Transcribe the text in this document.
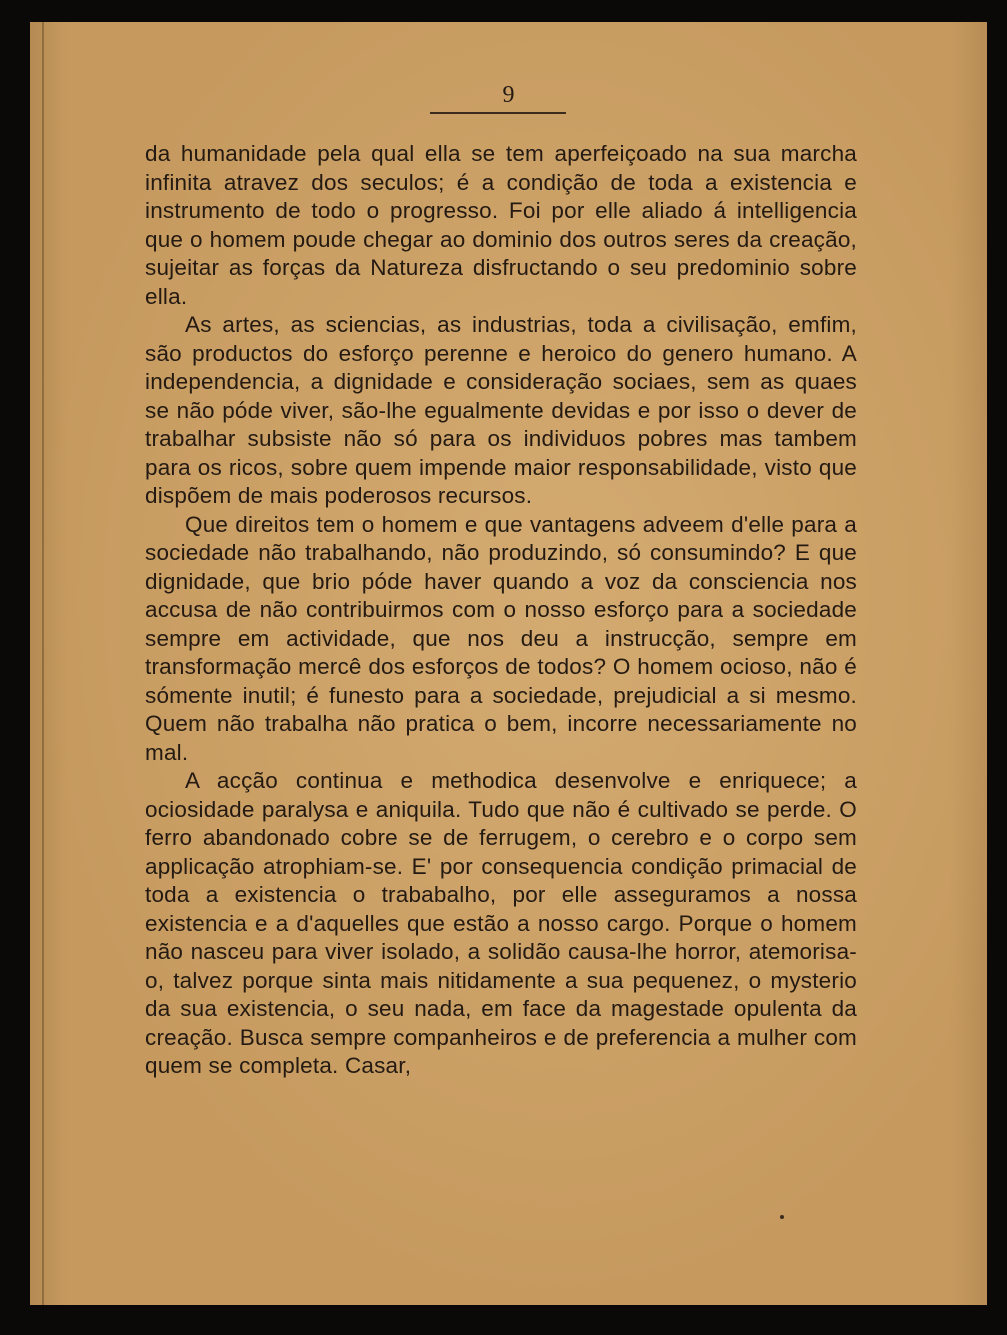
9

da humanidade pela qual ella se tem aperfeiçoado na sua marcha infinita atravez dos seculos; é a condição de toda a existencia e instrumento de todo o progresso. Foi por elle aliado á intelligencia que o homem poude chegar ao dominio dos outros seres da creação, sujeitar as forças da Natureza disfructando o seu predominio sobre ella.

As artes, as sciencias, as industrias, toda a civilisação, emfim, são productos do esforço perenne e heroico do genero humano. A independencia, a dignidade e consideração sociaes, sem as quaes se não póde viver, são-lhe egualmente devidas e por isso o dever de trabalhar subsiste não só para os individuos pobres mas tambem para os ricos, sobre quem impende maior responsabilidade, visto que dispõem de mais poderosos recursos.

Que direitos tem o homem e que vantagens adveem d'elle para a sociedade não trabalhando, não produzindo, só consumindo? E que dignidade, que brio póde haver quando a voz da consciencia nos accusa de não contribuirmos com o nosso esforço para a sociedade sempre em actividade, que nos deu a instrucção, sempre em transformação mercê dos esforços de todos? O homem ocioso, não é sómente inutil; é funesto para a sociedade, prejudicial a si mesmo. Quem não trabalha não pratica o bem, incorre necessariamente no mal.

A acção continua e methodica desenvolve e enriquece; a ociosidade paralysa e aniquila. Tudo que não é cultivado se perde. O ferro abandonado cobre se de ferrugem, o cerebro e o corpo sem applicação atrophiam-se. E' por consequencia condição primacial de toda a existencia o trababalho, por elle asseguramos a nossa existencia e a d'aquelles que estão a nosso cargo. Porque o homem não nasceu para viver isolado, a solidão causa-lhe horror, atemorisa-o, talvez porque sinta mais nitidamente a sua pequenez, o mysterio da sua existencia, o seu nada, em face da magestade opulenta da creação. Busca sempre companheiros e de preferencia a mulher com quem se completa. Casar,
